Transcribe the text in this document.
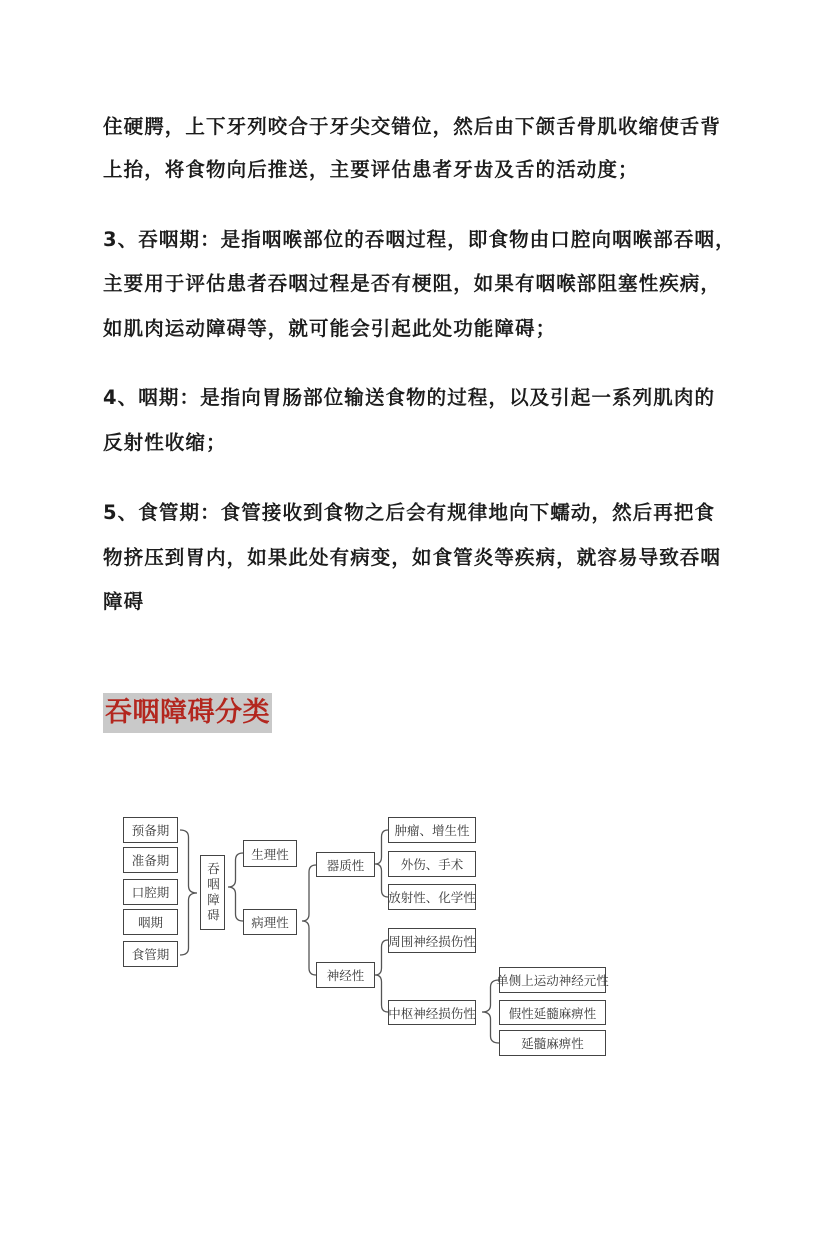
住硬腭，上下牙列咬合于牙尖交错位，然后由下颌舌骨肌收缩使舌背
上抬，将食物向后推送，主要评估患者牙齿及舌的活动度；
3、吞咽期：是指咽喉部位的吞咽过程，即食物由口腔向咽喉部吞咽，
主要用于评估患者吞咽过程是否有梗阻，如果有咽喉部阻塞性疾病，
如肌肉运动障碍等，就可能会引起此处功能障碍；
4、咽期：是指向胃肠部位输送食物的过程，以及引起一系列肌肉的
反射性收缩；
5、食管期：食管接收到食物之后会有规律地向下蠕动，然后再把食
物挤压到胃内，如果此处有病变，如食管炎等疾病，就容易导致吞咽
障碍
吞咽障碍分类
预备期
准备期
口腔期
咽期
食管期
吞咽障碍
生理性
病理性
器质性
神经性
肿瘤、增生性
外伤、手术
放射性、化学性
周围神经损伤性
中枢神经损伤性
单侧上运动神经元性
假性延髓麻痹性
延髓麻痹性
